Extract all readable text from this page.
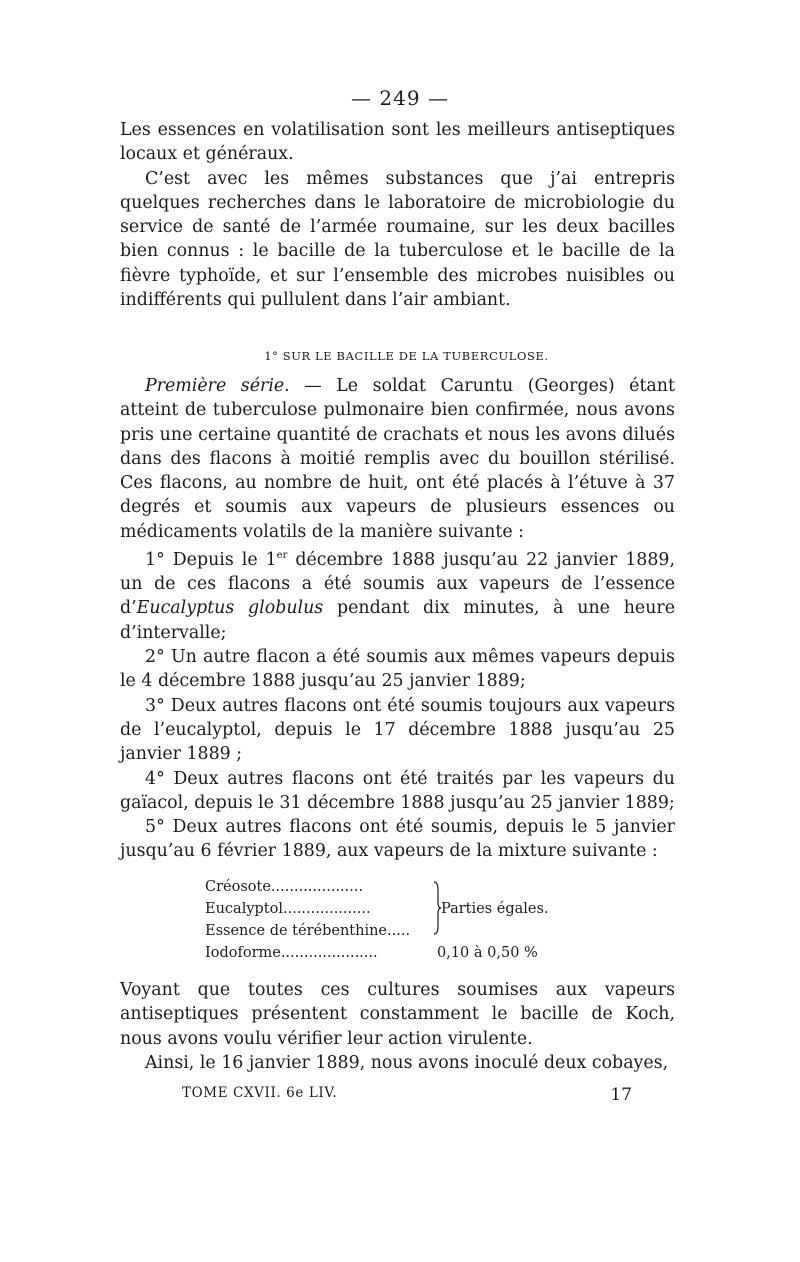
— 249 —

Les essences en volatilisation sont les meilleurs antiseptiques locaux et généraux.

C’est avec les mêmes substances que j’ai entrepris quelques recherches dans le laboratoire de microbiologie du service de santé de l’armée roumaine, sur les deux bacilles bien connus : le bacille de la tuberculose et le bacille de la fièvre typhoïde, et sur l’ensemble des microbes nuisibles ou indifférents qui pullulent dans l’air ambiant.

1° SUR LE BACILLE DE LA TUBERCULOSE.

Première série. — Le soldat Caruntu (Georges) étant atteint de tuberculose pulmonaire bien confirmée, nous avons pris une certaine quantité de crachats et nous les avons dilués dans des flacons à moitié remplis avec du bouillon stérilisé. Ces flacons, au nombre de huit, ont été placés à l’étuve à 37 degrés et soumis aux vapeurs de plusieurs essences ou médicaments volatils de la manière suivante :

1° Depuis le 1er décembre 1888 jusqu’au 22 janvier 1889, un de ces flacons a été soumis aux vapeurs de l’essence d’Eucalyptus globulus pendant dix minutes, à une heure d’intervalle;

2° Un autre flacon a été soumis aux mêmes vapeurs depuis le 4 décembre 1888 jusqu’au 25 janvier 1889;

3° Deux autres flacons ont été soumis toujours aux vapeurs de l’eucalyptol, depuis le 17 décembre 1888 jusqu’au 25 janvier 1889 ;

4° Deux autres flacons ont été traités par les vapeurs du gaïacol, depuis le 31 décembre 1888 jusqu’au 25 janvier 1889;

5° Deux autres flacons ont été soumis, depuis le 5 janvier jusqu’au 6 février 1889, aux vapeurs de la mixture suivante :

Créosote....................
Eucalyptol...................
Essence de térébenthine.....
Iodoforme.....................	0,10 à 0,50 %
Parties égales.

Voyant que toutes ces cultures soumises aux vapeurs antiseptiques présentent constamment le bacille de Koch, nous avons voulu vérifier leur action virulente.

Ainsi, le 16 janvier 1889, nous avons inoculé deux cobayes,

TOME CXVII. 6e LIV.	17
